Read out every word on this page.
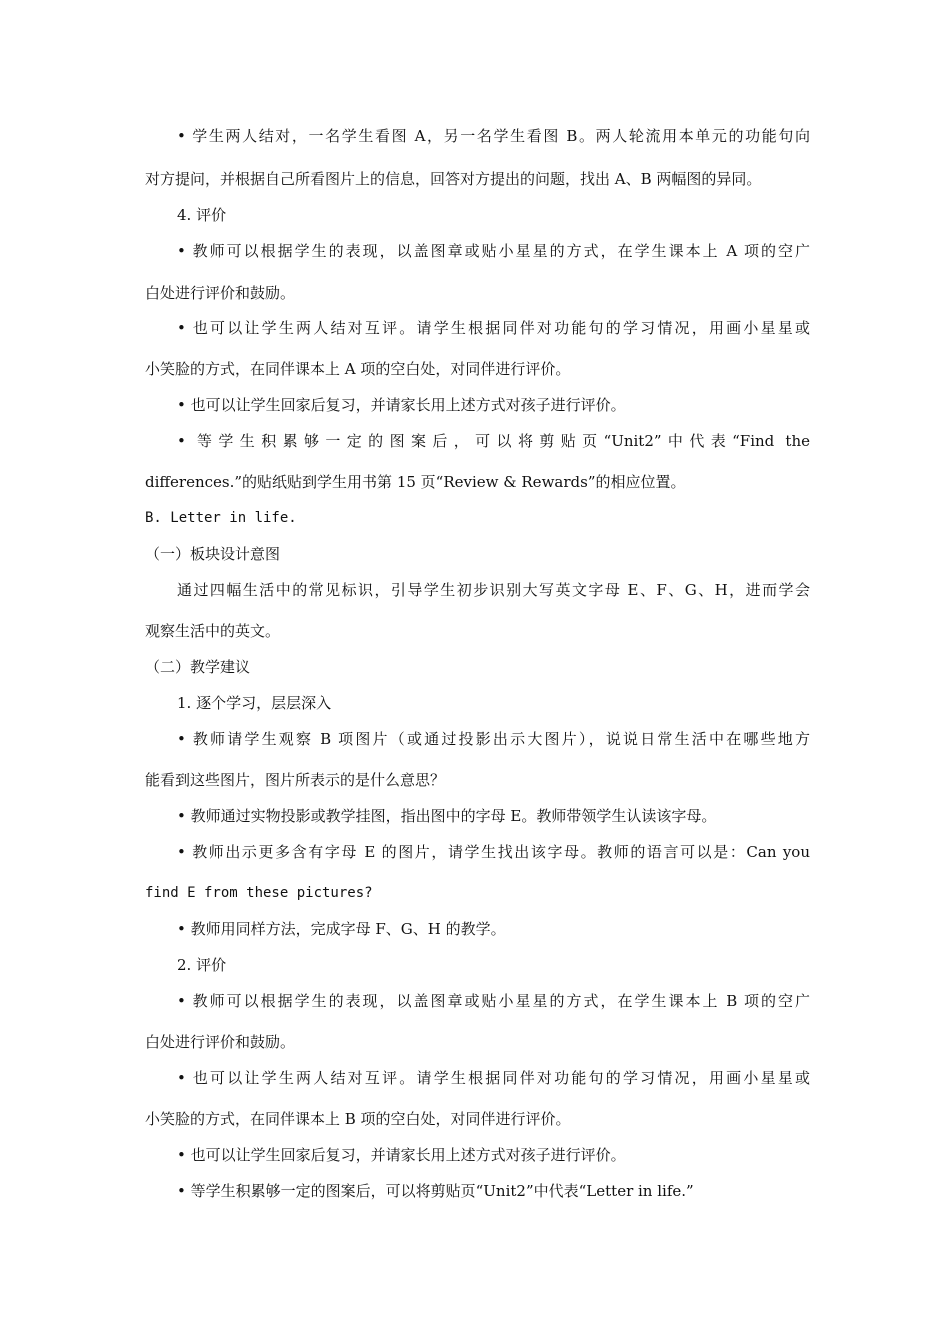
• 学生两人结对，一名学生看图 A，另一名学生看图 B。两人轮流用本单元的功能句向
对方提问，并根据自己所看图片上的信息，回答对方提出的问题，找出 A、B 两幅图的异同。
4. 评价
• 教师可以根据学生的表现，以盖图章或贴小星星的方式，在学生课本上 A 项的空广
白处进行评价和鼓励。
• 也可以让学生两人结对互评。请学生根据同伴对功能句的学习情况，用画小星星或
小笑脸的方式，在同伴课本上 A 项的空白处，对同伴进行评价。
• 也可以让学生回家后复习，并请家长用上述方式对孩子进行评价。
• 等学生积累够一定的图案后，可以将剪贴页“Unit2”中代表“Find the
differences.”的贴纸贴到学生用书第 15 页“Review & Rewards”的相应位置。
B. Letter in life.
（一）板块设计意图
通过四幅生活中的常见标识，引导学生初步识别大写英文字母 E、F、G、H，进而学会
观察生活中的英文。
（二）教学建议
1. 逐个学习，层层深入
• 教师请学生观察 B 项图片（或通过投影出示大图片），说说日常生活中在哪些地方
能看到这些图片，图片所表示的是什么意思？
• 教师通过实物投影或教学挂图，指出图中的字母 E。教师带领学生认读该字母。
• 教师出示更多含有字母 E 的图片，请学生找出该字母。教师的语言可以是：Can you
find E from these pictures?
• 教师用同样方法，完成字母 F、G、H 的教学。
2. 评价
• 教师可以根据学生的表现，以盖图章或贴小星星的方式，在学生课本上 B 项的空广
白处进行评价和鼓励。
• 也可以让学生两人结对互评。请学生根据同伴对功能句的学习情况，用画小星星或
小笑脸的方式，在同伴课本上 B 项的空白处，对同伴进行评价。
• 也可以让学生回家后复习，并请家长用上述方式对孩子进行评价。
• 等学生积累够一定的图案后，可以将剪贴页“Unit2”中代表“Letter in life.”
